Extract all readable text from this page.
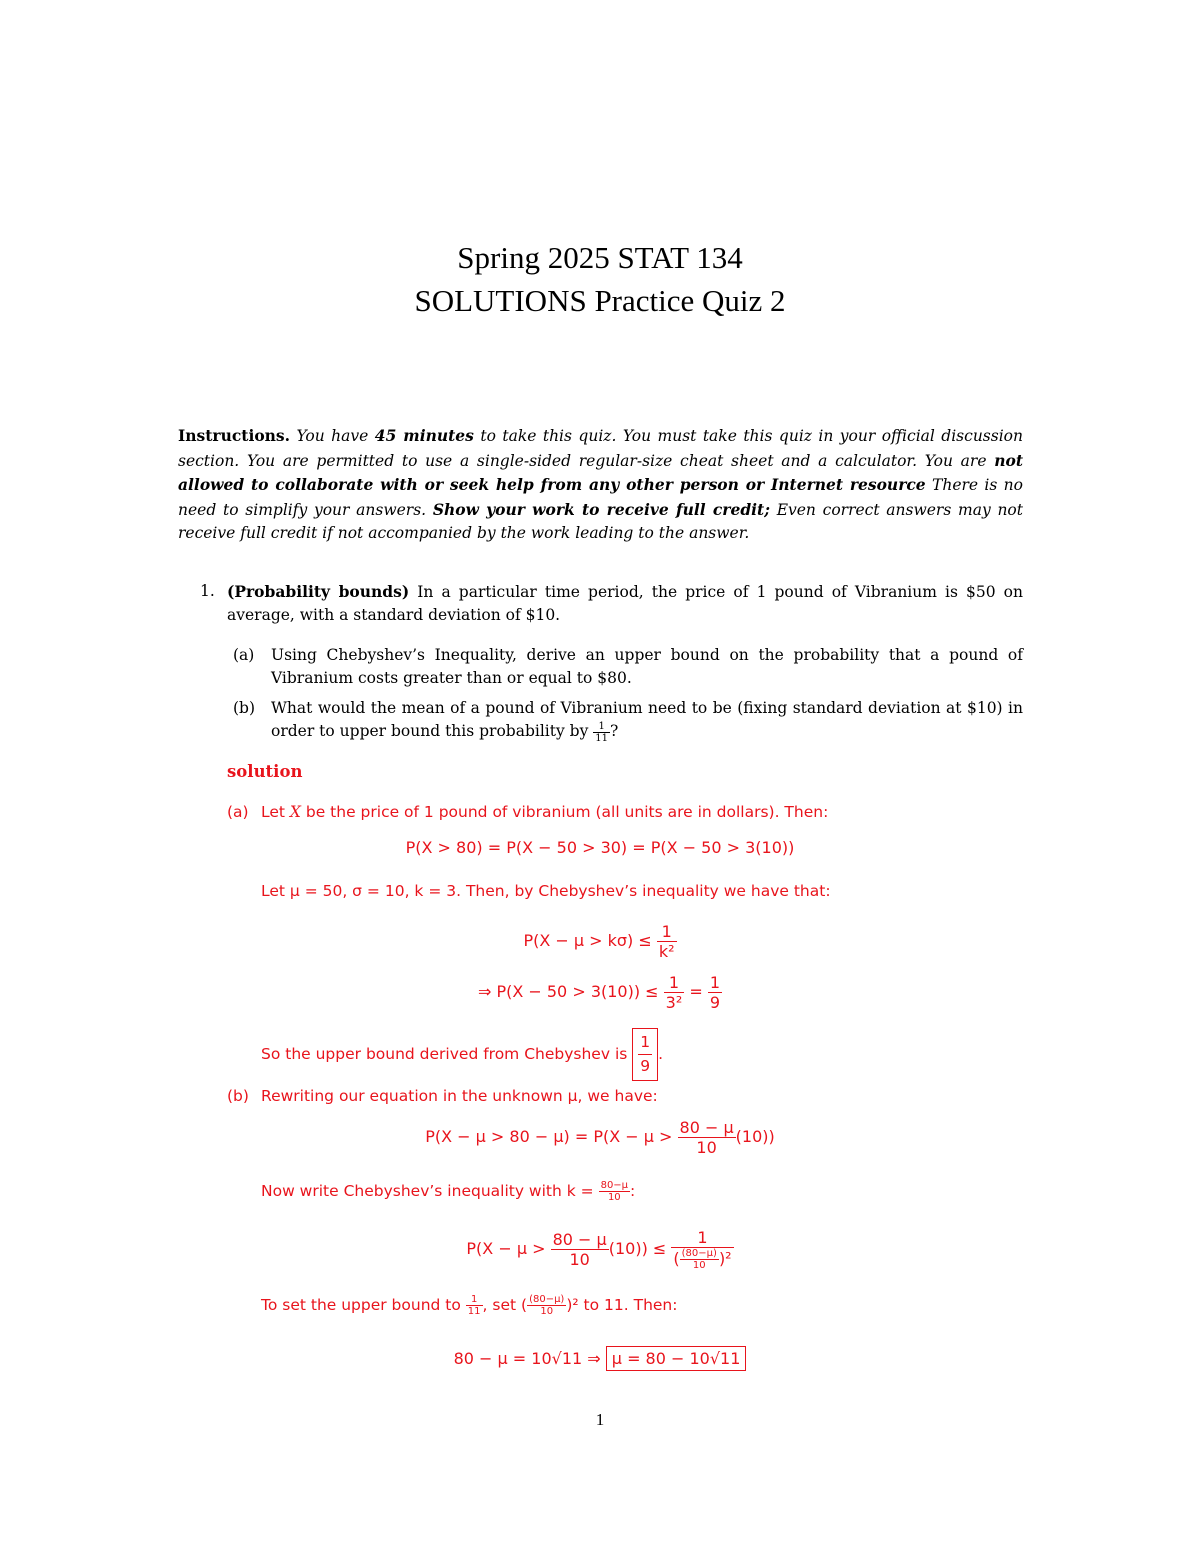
Spring 2025 STAT 134
SOLUTIONS Practice Quiz 2
Instructions. You have 45 minutes to take this quiz. You must take this quiz in your official discussion section. You are permitted to use a single-sided regular-size cheat sheet and a calculator. You are not allowed to collaborate with or seek help from any other person or Internet resource There is no need to simplify your answers. Show your work to receive full credit; Even correct answers may not receive full credit if not accompanied by the work leading to the answer.
1. (Probability bounds) In a particular time period, the price of 1 pound of Vibranium is $50 on average, with a standard deviation of $10.
(a) Using Chebyshev’s Inequality, derive an upper bound on the probability that a pound of Vibranium costs greater than or equal to $80.
(b) What would the mean of a pound of Vibranium need to be (fixing standard deviation at $10) in order to upper bound this probability by $\frac{1}{11}$ ?
solution
(a) Let X be the price of 1 pound of vibranium (all units are in dollars). Then:
P(X > 80) = P(X − 50 > 30) = P(X − 50 > 3(10))
Let μ = 50, σ = 10, k = 3. Then, by Chebyshev’s inequality we have that:
$P(X - \mu > k\sigma) \le \frac{1}{\text{k²}}$
⇒ $P(X - 50 > 3(10)) \le \frac{1}{\text{3²}} = \frac{1}{9}$
So the upper bound derived from Chebyshev is $\frac{1}{9}$ .
(b) Rewriting our equation in the unknown μ, we have:
$P(X - \mu > 80 - \mu) = P(X - \mu > \frac{80 - \mu}{10} (10))$
Now write Chebyshev’s inequality with $k = \frac{80-\mu}{10}$ :
$P(X - \mu > \frac{80 - \mu}{10} (10)) \le \frac{1}{( \frac{(80-\mu)}{10} )^2}$
To set the upper bound to $\frac{1}{11}$ , set ( $\frac{(80-\mu)}{10} )^2$ to 11. Then:
80 − μ = 10√11 ⇒ μ = 80 − 10√11
1
